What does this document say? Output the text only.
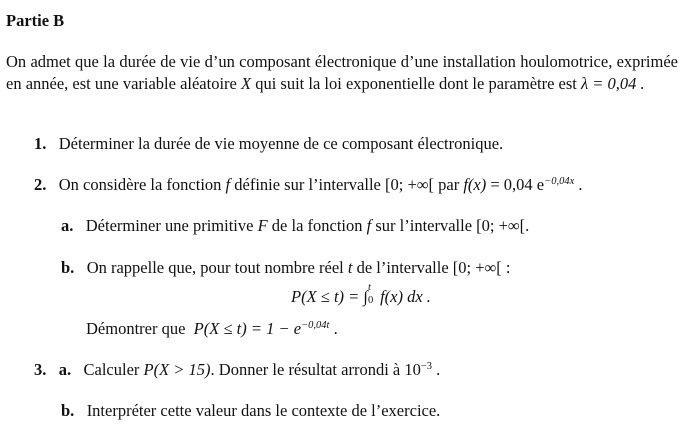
Partie B
On admet que la durée de vie d’un composant électronique d’une installation houlomotrice, exprimée en année, est une variable aléatoire X qui suit la loi exponentielle dont le paramètre est λ = 0,04 .
1. Déterminer la durée de vie moyenne de ce composant électronique.
2. On considère la fonction f définie sur l’intervalle [0; +∞[ par f(x) = 0,04 $e^{-0,04x}$ .
a. Déterminer une primitive F de la fonction f sur l’intervalle [0; +∞[.
b. On rappelle que, pour tout nombre réel t de l’intervalle [0; +∞[ :
P(X ≤ t) = ∫ 0
t f(x) dx .
Démontrer que $P(X \le t) = 1 - e^{-0,04t}$ .
3. a. Calculer P(X > 15). Donner le résultat arrondi à $10^{-3}$ .
b. Interpréter cette valeur dans le contexte de l’exercice.
